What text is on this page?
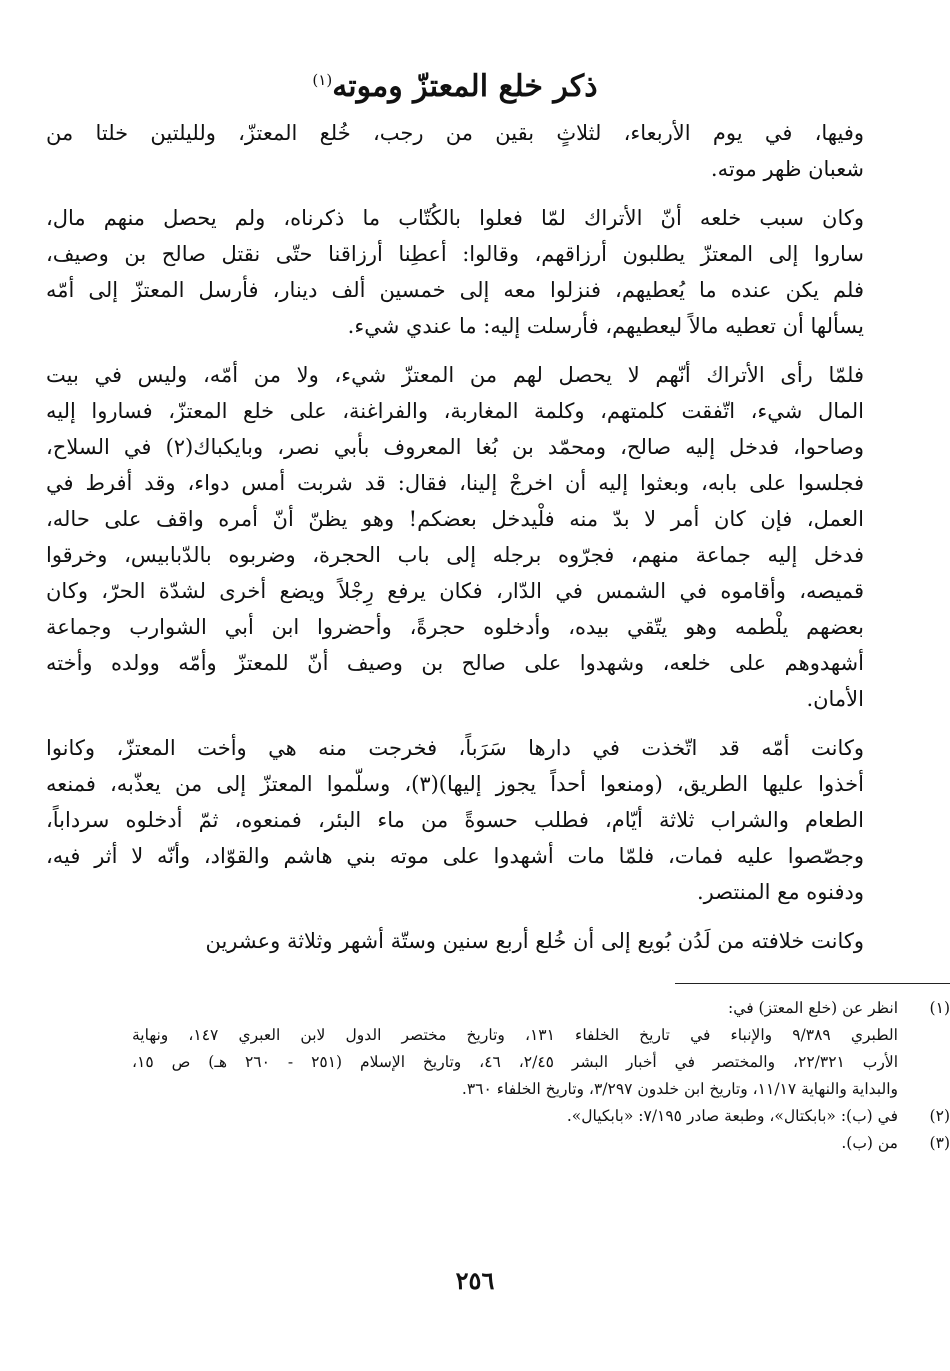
ذكر خلع المعتزّ وموته$^{(١)}$
وفيها، في يوم الأربعاء، لثلاثٍ بقين من رجب، خُلع المعتزّ، ولليلتين خلتا من
شعبان ظهر موته.
وكان سبب خلعه أنّ الأتراك لمّا فعلوا بالكُتّاب ما ذكرناه، ولم يحصل منهم مال،
ساروا إلى المعتزّ يطلبون أرزاقهم، وقالوا: أعطِنا أرزاقنا حتّى نقتل صالح بن وصيف،
فلم يكن عنده ما يُعطيهم، فنزلوا معه إلى خمسين ألف دينار، فأرسل المعتزّ إلى أمّه
يسألها أن تعطيه مالاً ليعطيهم، فأرسلت إليه: ما عندي شيء.
فلمّا رأى الأتراك أنّهم لا يحصل لهم من المعتزّ شيء، ولا من أمّه، وليس في بيت
المال شيء، اتّفقت كلمتهم، وكلمة المغاربة، والفراغنة، على خلع المعتزّ، فساروا إليه
وصاحوا، فدخل إليه صالح، ومحمّد بن بُغا المعروف بأبي نصر، وبايكباك(٢) في السلاح،
فجلسوا على بابه، وبعثوا إليه أن اخرجْ إلينا، فقال: قد شربت أمس دواء، وقد أفرط في
العمل، فإن كان أمر لا بدّ منه فلْيدخل بعضكم! وهو يظنّ أنّ أمره واقف على حاله،
فدخل إليه جماعة منهم، فجرّوه برجله إلى باب الحجرة، وضربوه بالدّبابيس، وخرقوا
قميصه، وأقاموه في الشمس في الدّار، فكان يرفع رِجْلاً ويضع أخرى لشدّة الحرّ، وكان
بعضهم يلْطمه وهو يتّقي بيده، وأدخلوه حجرةً، وأحضروا ابن أبي الشوارب وجماعة
أشهدوهم على خلعه، وشهدوا على صالح بن وصيف أنّ للمعتزّ وأمّه وولده وأخته
الأمان.
وكانت أمّه قد اتّخذت في دارها سَرَباً، فخرجت منه هي وأخت المعتزّ، وكانوا
أخذوا عليها الطريق، (ومنعوا أحداً يجوز إليها)(٣)، وسلّموا المعتزّ إلى من يعذّبه، فمنعه
الطعام والشراب ثلاثة أيّام، فطلب حسوةً من ماء البئر، فمنعوه، ثمّ أدخلوه سرداباً،
وجصّصوا عليه فمات، فلمّا مات أشهدوا على موته بني هاشم والقوّاد، وأنّه لا أثر فيه،
ودفنوه مع المنتصر.
وكانت خلافته من لَدُن بُويع إلى أن خُلع أربع سنين وستّة أشهر وثلاثة وعشرين
(١)
انظر عن (خلع المعتز) في:
الطبري ٩/٣٨٩ والإنباء في تاريخ الخلفاء ١٣١، وتاريخ مختصر الدول لابن العبري ١٤٧، ونهاية
الأرب ٢٢/٣٢١، والمختصر في أخبار البشر ٢/٤٥، ٤٦، وتاريخ الإسلام (٢٥١ - ٢٦٠ هـ) ص ١٥،
والبداية والنهاية ١١/١٧، وتاريخ ابن خلدون ٣/٢٩٧، وتاريخ الخلفاء ٣٦٠.
(٢)
في (ب): «بابكتال»، وطبعة صادر ٧/١٩٥: «بابكيال».
(٣)
من (ب).
٢٥٦
